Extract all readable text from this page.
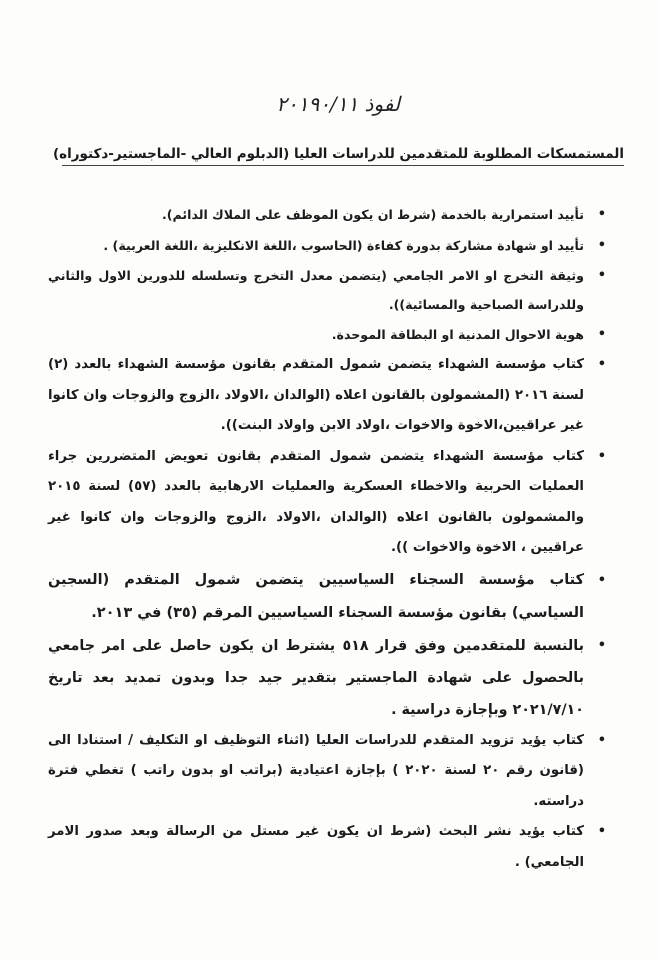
لفوذ ٢٠١٩٠/١١
المستمسكات المطلوبة للمتقدمين للدراسات العليا (الدبلوم العالي -الماجستير-دكتوراه)
•
تأييد استمرارية بالخدمة (شرط ان يكون الموظف على الملاك الدائم).
•
تأييد او شهادة مشاركة بدورة كفاءة (الحاسوب ،اللغة الانكليزية ،اللغة العربية) .
•
وثيقة التخرج او الامر الجامعي (يتضمن معدل التخرج وتسلسله للدورين الاول والثاني وللدراسة الصباحية والمسائية)).
•
هوية الاحوال المدنية او البطاقة الموحدة.
•
كتاب مؤسسة الشهداء يتضمن شمول المتقدم بقانون مؤسسة الشهداء بالعدد (٢) لسنة ٢٠١٦ (المشمولون بالقانون اعلاه (الوالدان ،الاولاد ،الزوج والزوجات وان كانوا غير عراقيين،الاخوة والاخوات ،اولاد الابن واولاد البنت)).
•
كتاب مؤسسة الشهداء يتضمن شمول المتقدم بقانون تعويض المتضررين جراء العمليات الحربية والاخطاء العسكرية والعمليات الارهابية بالعدد (٥٧) لسنة ٢٠١٥ والمشمولون بالقانون اعلاه (الوالدان ،الاولاد ،الزوج والزوجات وان كانوا غير عراقيين ، الاخوة والاخوات )).
•
كتاب مؤسسة السجناء السياسيين يتضمن شمول المتقدم (السجين السياسي) بقانون مؤسسة السجناء السياسيين المرقم (٣٥) في ٢٠١٣.
•
بالنسبة للمتقدمين وفق قرار ٥١٨ يشترط ان يكون حاصل على امر جامعي بالحصول على شهادة الماجستير بتقدير جيد جدا وبدون تمديد بعد تاريخ ٢٠٢١/٧/١٠ وبإجازة دراسية .
•
كتاب يؤيد تزويد المتقدم للدراسات العليا (اثناء التوظيف او التكليف / استنادا الى (قانون رقم ٢٠ لسنة ٢٠٢٠ ) بإجازة اعتيادية (براتب او بدون راتب ) تغطي فترة دراسته.
•
كتاب يؤيد نشر البحث (شرط ان يكون غير مستل من الرسالة وبعد صدور الامر الجامعي) .
